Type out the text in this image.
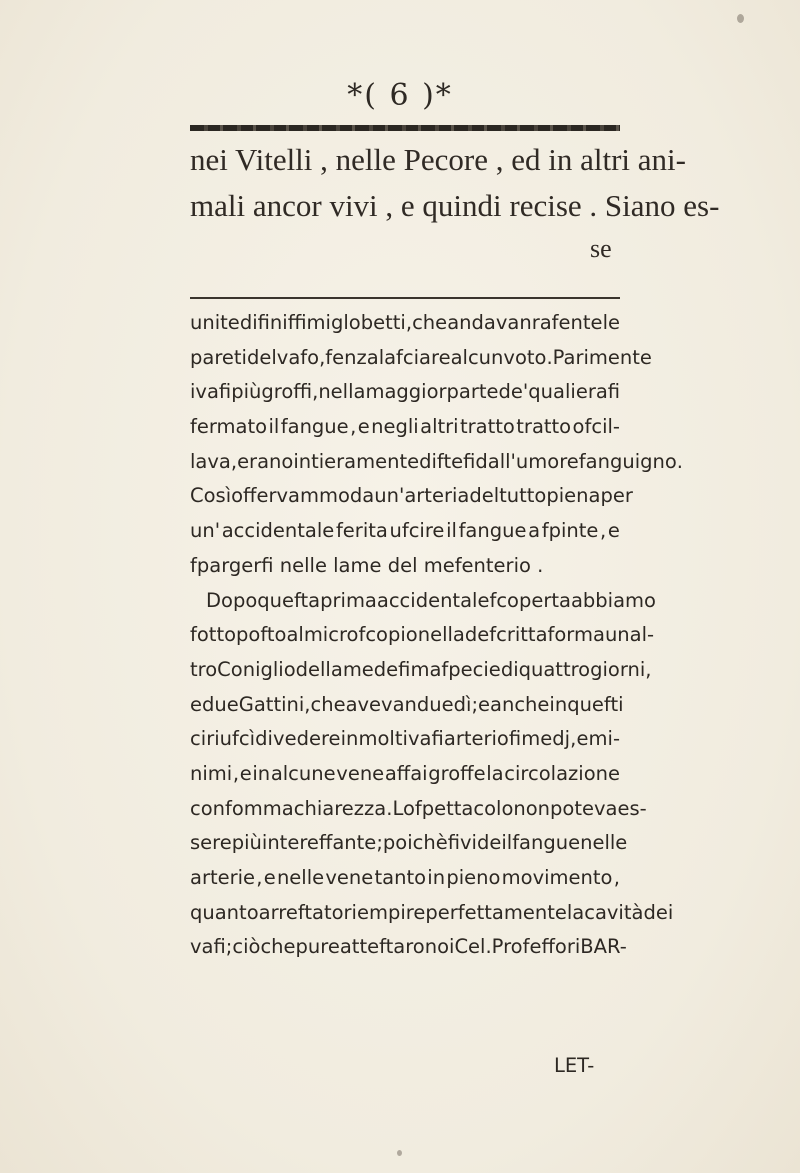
*( 6 )*
nei Vitelli , nelle Pecore , ed in altri ani-
mali ancor vivi , e quindi recise . Siano es-
se
unite di finiffimi globetti , che andavan rafente le
pareti del vafo , fenza lafciare alcun voto . Parimente
i vafi più groffi , nella maggior parte de' quali erafi
fermato il fangue , e negli altri tratto tratto ofcil-
lava , erano intieramente diftefi dall' umore fanguigno .
Così offervammo da un' arteria del tutto piena per
un' accidentale ferita ufcire il fangue a fpinte , e
fpargerfi nelle lame del mefenterio .
Dopo quefta prima accidentale fcoperta abbiamo
fottopofto al microfcopio nella defcritta forma un al-
tro Coniglio della medefima fpecie di quattro giorni ,
e due Gattini , che avevan due dì ; e anche in quefti
ci riufcì di vedere in molti vafi arteriofi medj , e mi-
nimi , e in alcune vene affai groffe la circolazione
con fomma chiarezza . Lo fpettacolo non poteva es-
sere più intereffante ; poichè fi vide il fangue nelle
arterie , e nelle vene tanto in pieno movimento ,
quanto arreftato riempire perfettamente la cavità dei
vafi ; ciò che pure atteftarono i Cel. Profeffori BAR-
LET-
